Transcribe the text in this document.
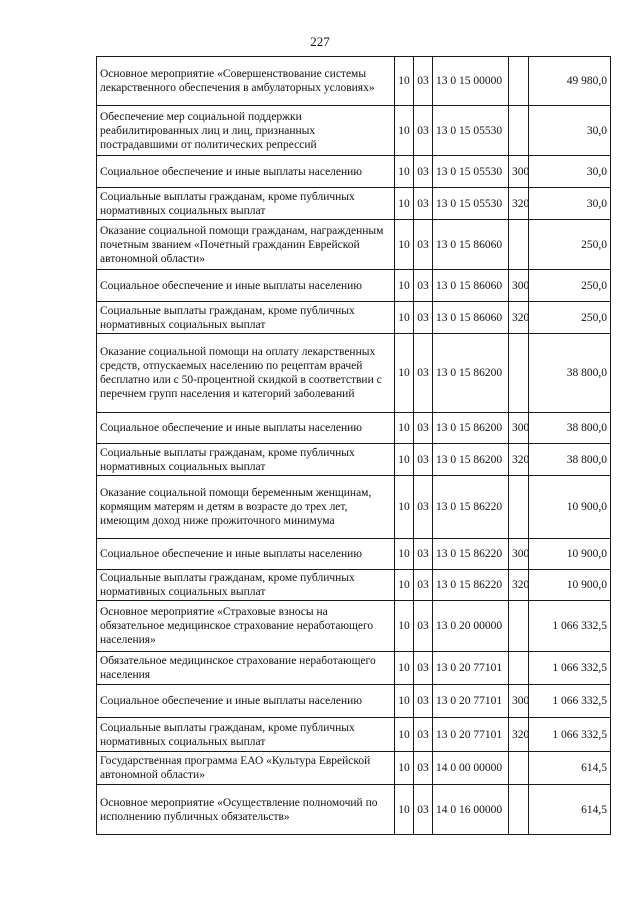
227
Основное мероприятие «Совершенствование системы лекарственного обеспечения в амбулаторных условиях»	10	03	13 0 15 00000		49 980,0
Обеспечение мер социальной поддержки реабилитированных лиц и лиц, признанных пострадавшими от политических репрессий	10	03	13 0 15 05530		30,0
Социальное обеспечение и иные выплаты населению	10	03	13 0 15 05530	300	30,0
Социальные выплаты гражданам, кроме публичных нормативных социальных выплат	10	03	13 0 15 05530	320	30,0
Оказание социальной помощи гражданам, награжденным почетным званием «Почетный гражданин Еврейской автономной области»	10	03	13 0 15 86060		250,0
Социальное обеспечение и иные выплаты населению	10	03	13 0 15 86060	300	250,0
Социальные выплаты гражданам, кроме публичных нормативных социальных выплат	10	03	13 0 15 86060	320	250,0
Оказание социальной помощи на оплату лекарственных средств, отпускаемых населению по рецептам врачей бесплатно или с 50-процентной скидкой в соответствии с перечнем групп населения и категорий заболеваний	10	03	13 0 15 86200		38 800,0
Социальное обеспечение и иные выплаты населению	10	03	13 0 15 86200	300	38 800,0
Социальные выплаты гражданам, кроме публичных нормативных социальных выплат	10	03	13 0 15 86200	320	38 800,0
Оказание социальной помощи беременным женщинам, кормящим матерям и детям в возрасте до трех лет, имеющим доход ниже прожиточного минимума	10	03	13 0 15 86220		10 900,0
Социальное обеспечение и иные выплаты населению	10	03	13 0 15 86220	300	10 900,0
Социальные выплаты гражданам, кроме публичных нормативных социальных выплат	10	03	13 0 15 86220	320	10 900,0
Основное мероприятие «Страховые взносы на обязательное медицинское страхование неработающего населения»	10	03	13 0 20 00000		1 066 332,5
Обязательное медицинское страхование неработающего населения	10	03	13 0 20 77101		1 066 332,5
Социальное обеспечение и иные выплаты населению	10	03	13 0 20 77101	300	1 066 332,5
Социальные выплаты гражданам, кроме публичных нормативных социальных выплат	10	03	13 0 20 77101	320	1 066 332,5
Государственная программа ЕАО «Культура Еврейской автономной области»	10	03	14 0 00 00000		614,5
Основное мероприятие «Осуществление полномочий по исполнению публичных обязательств»	10	03	14 0 16 00000		614,5
